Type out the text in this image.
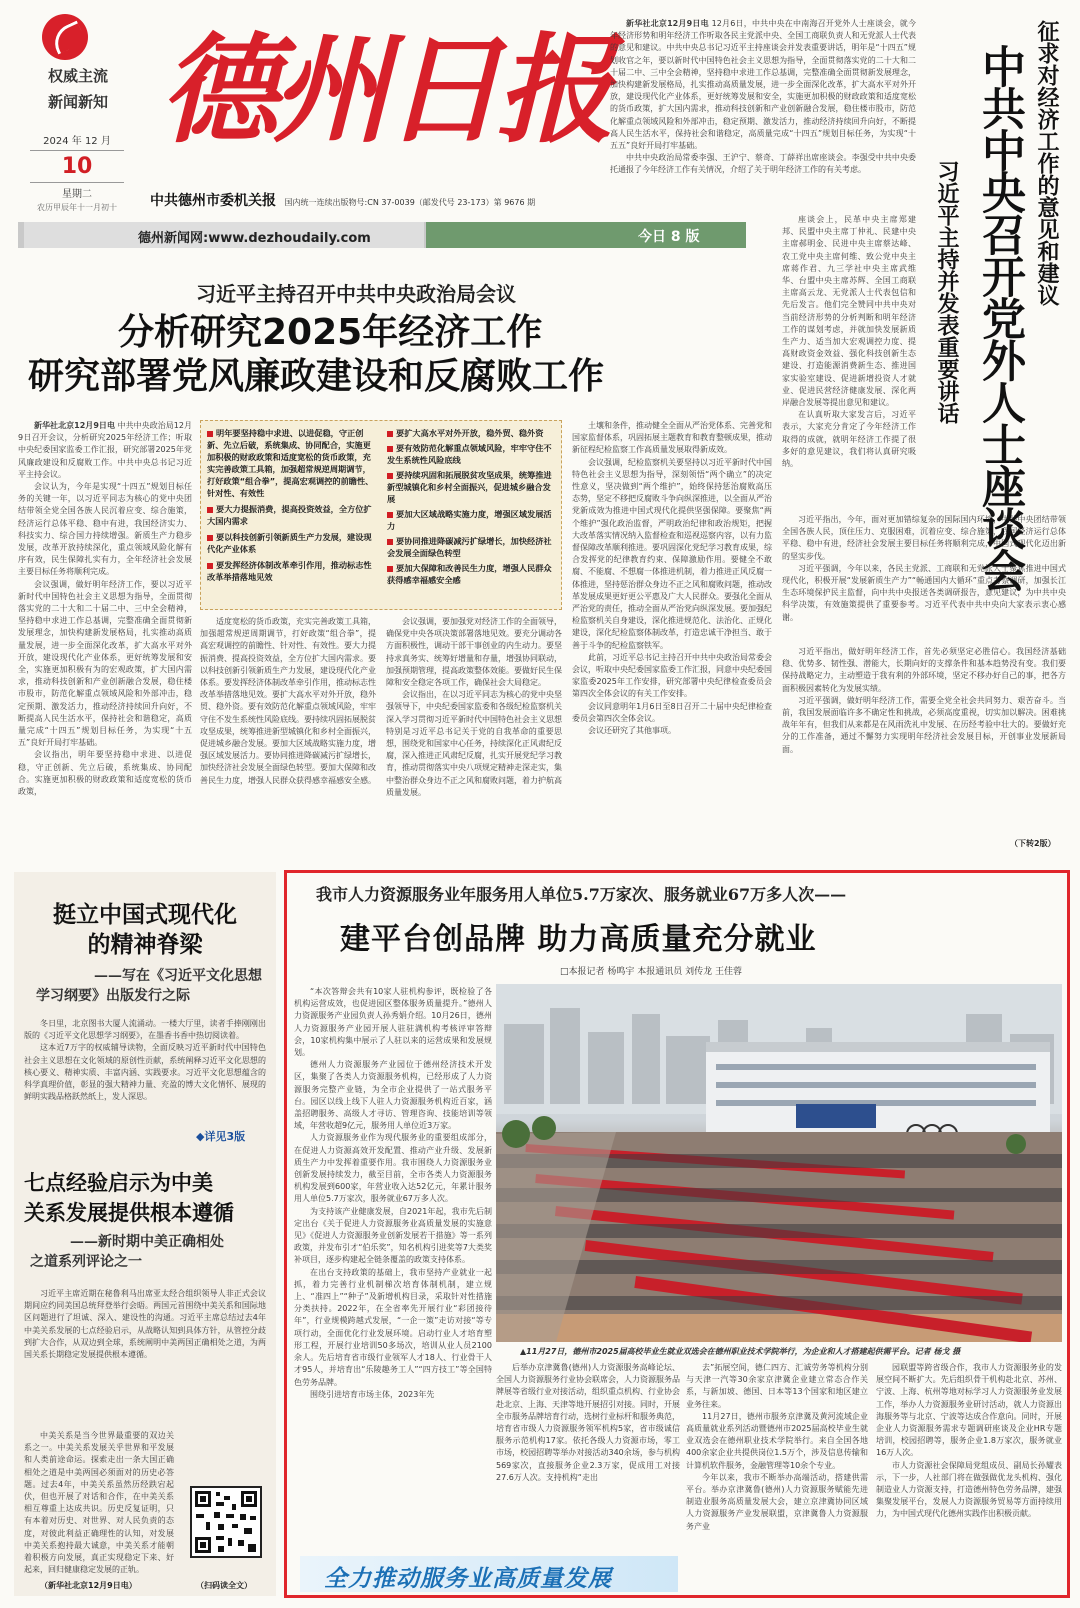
权威主流
新闻新知
2024 年 12 月
10
星期二
农历甲辰年十一月初十
德州日报
中共德州市委机关报 国内统一连续出版物号:CN 37-0039（邮发代号 23-173）第 9676 期
德州新闻网:www.dezhoudaily.com	今日 8 版

新华社北京12月9日电 12月6日，中共中央在中南海召开党外人士座谈会，就今年经济形势和明年经济工作听取各民主党派中央、全国工商联负责人和无党派人士代表的意见和建议。中共中央总书记习近平主持座谈会并发表重要讲话，明年是“十四五”规划收官之年，要以新时代中国特色社会主义思想为指导，全面贯彻落实党的二十大和二十届二中、三中全会精神，坚持稳中求进工作总基调，完整准确全面贯彻新发展理念，加快构建新发展格局，扎实推动高质量发展，进一步全面深化改革，扩大高水平对外开放，建设现代化产业体系，更好统筹发展和安全，实施更加积极的财政政策和适度宽松的货币政策，扩大国内需求，推动科技创新和产业创新融合发展，稳住楼市股市，防范化解重点领域风险和外部冲击，稳定预期、激发活力，推动经济持续回升向好，不断提高人民生活水平，保持社会和谐稳定，高质量完成“十四五”规划目标任务，为实现“十五五”良好开局打牢基础。

中共中央政治局常委李强、王沪宁、蔡奇、丁薛祥出席座谈会。李强受中共中央委托通报了今年经济工作有关情况，介绍了关于明年经济工作的有关考虑。

座谈会上，民革中央主席郑建邦、民盟中央主席丁仲礼、民建中央主席郝明金、民进中央主席蔡达峰、农工党中央主席何维、致公党中央主席蒋作君、九三学社中央主席武维华、台盟中央主席苏辉、全国工商联主席高云龙、无党派人士代表包信和先后发言。他们完全赞同中共中央对当前经济形势的分析判断和明年经济工作的谋划考虑，并就加快发展新质生产力、适当加大宏观调控力度、提高财政资金效益、强化科技创新生态建设、打造能源消费新生态、推进国家实验室建设、促进新增投资人才就业、促进民营经济健康发展、深化两岸融合发展等提出意见和建议。

在认真听取大家发言后，习近平表示，大家充分肯定了今年经济工作取得的成就，就明年经济工作提了很多好的意见建议，我们将认真研究吸纳。

习近平指出，今年，面对更加错综复杂的国际国内环境，中共中央团结带领全国各族人民，顶住压力、克服困难，沉着应变、综合施策，我国经济运行总体平稳、稳中有进，经济社会发展主要目标任务将顺利完成，中国式现代化迈出新的坚实步伐。

习近平强调，今年以来，各民主党派、工商联和无党派人士聚焦推进中国式现代化，积极开展“发展新质生产力”“畅通国内大循环”重点考察调研，加强长江生态环境保护民主监督，向中共中央报送各类调研报告，意见建议，为中共中央科学决策，有效施策提供了重要参考。习近平代表中共中央向大家表示衷心感谢。

习近平指出，做好明年经济工作，首先必须坚定必胜信心。我国经济基础稳、优势多、韧性强、潜能大，长期向好的支撑条件和基本趋势没有变。我们要保持战略定力，主动塑造于我有利的外部环境，坚定不移办好自己的事，把各方面积极因素转化为发展实绩。

习近平强调，做好明年经济工作，需要全党全社会共同努力、艰苦奋斗。当前，我国发展面临许多不确定性和挑战，必须高度重视，切实加以解决。困难挑战年年有，但我们从来都是在风雨洗礼中发展、在历经考验中壮大的。要做好充分的工作准备，通过不懈努力实现明年经济社会发展目标，开创事业发展新局面。

（下转2版）
征求对经济工作的意见和建议
中共中央召开党外人士座谈会
习近平主持并发表重要讲话
习近平主持召开中共中央政治局会议
分析研究2025年经济工作
研究部署党风廉政建设和反腐败工作

新华社北京12月9日电 中共中央政治局12月9日召开会议，分析研究2025年经济工作；听取中央纪委国家监委工作汇报，研究部署2025年党风廉政建设和反腐败工作。中共中央总书记习近平主持会议。

会议认为，今年是实现“十四五”规划目标任务的关键一年，以习近平同志为核心的党中央团结带领全党全国各族人民沉着应变、综合施策，经济运行总体平稳、稳中有进，我国经济实力、科技实力、综合国力持续增强。新质生产力稳步发展，改革开放持续深化，重点领域风险化解有序有效，民生保障扎实有力，全年经济社会发展主要目标任务将顺利完成。

会议强调，做好明年经济工作，要以习近平新时代中国特色社会主义思想为指导，全面贯彻落实党的二十大和二十届二中、三中全会精神，坚持稳中求进工作总基调，完整准确全面贯彻新发展理念，加快构建新发展格局，扎实推动高质量发展，进一步全面深化改革，扩大高水平对外开放，建设现代化产业体系，更好统筹发展和安全，实施更加积极有为的宏观政策，扩大国内需求，推动科技创新和产业创新融合发展，稳住楼市股市，防范化解重点领域风险和外部冲击，稳定预期、激发活力，推动经济持续回升向好，不断提高人民生活水平，保持社会和谐稳定，高质量完成“十四五”规划目标任务，为实现“十五五”良好开局打牢基础。

会议指出，明年要坚持稳中求进、以进促稳，守正创新、先立后破，系统集成、协同配合。实施更加积极的财政政策和适度宽松的货币政策，

明年要坚持稳中求进、以进促稳，守正创新、先立后破，系统集成、协同配合，实施更加积极的财政政策和适度宽松的货币政策，充实完善政策工具箱，加强超常规逆周期调节，打好政策“组合拳”，提高宏观调控的前瞻性、针对性、有效性
要大力提振消费，提高投资效益，全方位扩大国内需求
要以科技创新引领新质生产力发展，建设现代化产业体系
要发挥经济体制改革牵引作用，推动标志性改革举措落地见效
要扩大高水平对外开放，稳外贸、稳外资
要有效防范化解重点领域风险，牢牢守住不发生系统性风险底线
要持续巩固和拓展脱贫攻坚成果，统筹推进新型城镇化和乡村全面振兴，促进城乡融合发展
要加大区域战略实施力度，增强区域发展活力
要协同推进降碳减污扩绿增长，加快经济社会发展全面绿色转型
要加大保障和改善民生力度，增强人民群众获得感幸福感安全感

适度宽松的货币政策，充实完善政策工具箱，加强超常规逆周期调节，打好政策“组合拳”，提高宏观调控的前瞻性、针对性、有效性。要大力提振消费、提高投资效益，全方位扩大国内需求。要以科技创新引领新质生产力发展，建设现代化产业体系。要发挥经济体制改革牵引作用，推动标志性改革举措落地见效。要扩大高水平对外开放，稳外贸、稳外资。要有效防范化解重点领域风险，牢牢守住不发生系统性风险底线。要持续巩固拓展脱贫攻坚成果，统筹推进新型城镇化和乡村全面振兴，促进城乡融合发展。要加大区域战略实施力度，增强区域发展活力。要协同推进降碳减污扩绿增长，加快经济社会发展全面绿色转型。要加大保障和改善民生力度，增强人民群众获得感幸福感安全感。

会议强调，要加强党对经济工作的全面领导，确保党中央各项决策部署落地见效。要充分调动各方面积极性，调动干部干事创业的内生动力。要坚持求真务实、统筹好增量和存量，增强协同联动，加强预期管理，提高政策整体效能。要做好民生保障和安全稳定各项工作，确保社会大局稳定。

会议指出，在以习近平同志为核心的党中央坚强领导下，中央纪委国家监委和各级纪检监察机关深入学习贯彻习近平新时代中国特色社会主义思想特别是习近平总书记关于党的自我革命的重要思想，围绕党和国家中心任务，持续深化正风肃纪反腐，深入推进正风肃纪反腐，扎实开展党纪学习教育，推动贯彻落实中央八项规定精神走深走实，集中整治群众身边不正之风和腐败问题，着力护航高质量发展。

土壤和条件，推动健全全面从严治党体系、完善党和国家监督体系，巩固拓展主题教育和教育整顿成果，推动新征程纪检监察工作高质量发展取得新成效。

会议强调，纪检监察机关要坚持以习近平新时代中国特色社会主义思想为指导，深刻领悟“两个确立”的决定性意义，坚决做到“两个维护”，始终保持惩治腐败高压态势，坚定不移把反腐败斗争向纵深推进，以全面从严治党新成效为推进中国式现代化提供坚强保障。要聚焦“两个维护”强化政治监督，严明政治纪律和政治规矩，把握大改革落实情况纳入监督检查和巡视巡察内容，以有力监督保障改革顺利推进。要巩固深化党纪学习教育成果，综合发挥党的纪律教育约束、保障激励作用。要健全不敢腐、不能腐、不想腐一体推进机制，着力推进正风反腐一体推进，坚持惩治群众身边不正之风和腐败问题，推动改革发展成果更好更公平惠及广大人民群众。要强化全面从严治党的责任，推动全面从严治党向纵深发展。要加强纪检监察机关自身建设，深化推进规范化、法治化、正规化建设，深化纪检监察体制改革，打造忠诚干净担当、敢于善于斗争的纪检监察铁军。

此前，习近平总书记主持召开中共中央政治局常委会会议，听取中央纪委国家监委工作汇报，同意中央纪委国家监委2025年工作安排，研究部署中央纪律检查委员会第四次全体会议的有关工作安排。

会议同意明年1月6日至8日召开二十届中央纪律检查委员会第四次全体会议。

会议还研究了其他事项。

挺立中国式现代化
的精神脊梁
——写在《习近平文化思想
学习纲要》出版发行之际

冬日里，北京图书大厦人流涌动。一楼大厅里，读者手捧刚刚出版的《习近平文化思想学习纲要》，在墨香书香中热切阅读着。

这本近7万字的权威辅导读物，全面反映习近平新时代中国特色社会主义思想在文化领域的原创性贡献，系统阐释习近平文化思想的核心要义、精神实质、丰富内涵、实践要求。习近平文化思想蕴含的科学真理价值，彰显的强大精神力量、充盈的博大文化情怀、展现的鲜明实践品格跃然纸上，发人深思。

◆详见3版
七点经验启示为中美
关系发展提供根本遵循
——新时期中美正确相处
之道系列评论之一

习近平主席近期在秘鲁利马出席亚太经合组织领导人非正式会议期间应约同美国总统拜登举行会晤。两国元首围绕中美关系和国际地区问题进行了坦诚、深入、建设性的沟通。习近平主席总结过去4年中美关系发展的七点经验启示，从战略认知到具体方针，从管控分歧到扩大合作，从双边到全球，系统阐明中美两国正确相处之道，为两国关系长期稳定发展提供根本遵循。

中美关系是当今世界最重要的双边关系之一。中美关系发展关乎世界和平发展和人类前途命运。探索走出一条大国正确相处之道是中美两国必须面对的历史必答题。过去4年，中美关系虽然历经跌宕起伏，但也开展了对话和合作，在中美关系相互尊重上达成共识。历史反复证明，只有本着对历史、对世界、对人民负责的态度，对彼此利益正确理性的认知，对发展中美关系抱持最大诚意，中美关系才能朝着积极方向发展，真正实现稳定下来、好起来，回归健康稳定发展的正轨。

（新华社北京12月9日电）	（扫码读全文）
我市人力资源服务业年服务用人单位5.7万家次、服务就业67万多人次——
建平台创品牌 助力高质量充分就业
□本报记者 杨鸣宇 本报通讯员 刘传龙 王佳蓉

“本次答辩会共有10家人驻机构参评，既检验了各机构运营成效，也促进园区整体服务质量提升。”德州人力资源服务产业园负责人孙秀娟介绍。10月26日，德州人力资源服务产业园开展人驻驻满机构考核评审答辩会，10家机构集中展示了人驻以来的运营成果和发展规划。

德州人力资源服务产业园位于德州经济技术开发区，集聚了各类人力资源服务机构，已经形成了人力资源服务完整产业链，为全市企业提供了一站式服务平台。园区以线上线下人驻人力资源服务机构近百家，涵盖招聘服务、高级人才寻访、管理咨询、技能培训等领域，年营收超9亿元，服务用人单位近3万家。

人力资源服务业作为现代服务业的重要组成部分，在促进人力资源高效开发配置、推动产业升级、发展新质生产力中发挥着重要作用。我市围绕人力资源服务业创新发展持续发力，截至目前，全市各类人力资源服务机构发展到600家，年营业收入达52亿元，年累计服务用人单位5.7万家次，服务就业67万多人次。

为支持该产业健康发展，自2021年起，我市先后制定出台《关于促进人力资源服务业高质量发展的实施意见》《促进人力资源服务业创新发展若干措施》等一系列政策，并发布引才“伯乐奖”，知名机构引进奖等7大类奖补项目，逐步构建起全链条覆盖的政策支持体系。

在出台支持政策的基础上，我市坚持产业就业一起抓，着力完善行业机制梯次培育体制机制，建立规上、“准四上”“种子”及新增机构目录，采取针对性措施分类扶持。2022年，在全省率先开展行业“彩团接待年”，行业规模跨越式发展，“一企一策”走访对接“等专项行动，全面优化行业发展环境。启动行业人才培育塑形工程，开展行业培训50多场次，培训从业人员2100余人。先后培育省市级行业领军人才18人、行业骨干人才95人，并培育出“乐陵趣务工人”“四方技工”等全国特色劳务品牌。

围绕引进培育市场主体，2023年先

▲11月27日，德州市2025届高校毕业生就业双选会在德州职业技术学院举行，为企业和人才搭建起供需平台。记者 杨戈 摄

后举办京津冀鲁(德州)人力资源服务高峰论坛、全国人力资源服务行业协会联席会，人力资源服务品牌展等省级行业对接活动，组织重点机构、行业协会赴北京、上海、天津等地开展招引对接。同时，开展全市服务品牌培育行动，选树行业标杆和服务典范，培育省市级人力资源服务领军机构5家，省市级诚信服务示范机构17家。依托各级人力资源市场，零工市场，校园招聘等举办对接活动340余场，参与机构569家次，直接服务企业2.3万家，促成用工对接27.6万人次。支持机构“走出

去”拓展空间，德仁四方、汇诚劳务等机构分别与天津一汽等30余家京津冀企业建立常态合作关系，与新加坡、德国、日本等13个国家和地区建立业务往来。

11月27日，德州市服务京津冀及黄河流域企业高质量就业系列活动暨德州市2025届高校毕业生就业双选会在德州职业技术学院举行。来自全国各地400余家企业共提供岗位1.5万个，涉及信息传输和计算机软件服务，金融管理等10余个专业。

今年以来，我市不断举办高端活动，搭建供需平台。举办京津冀鲁(德州)人力资源服务赋能先进制造业服务高质量发展大会，建立京津冀协同区域人力资源服务产业发展联盟，京津冀鲁人力资源服务产业

园联盟等跨省级合作，我市人力资源服务业的发展空间不断扩大。先后组织骨干机构赴北京、苏州、宁波、上海、杭州等地对标学习人力资源服务业发展工作，举办人力资源服务业研讨活动，就人力资源出海服务等与北京、宁波等达成合作意向。同时，开展企业人力资源服务需求专题调研座谈及企业HR专题培训，校园招聘等，服务企业1.8万家次，服务就业16万人次。

市人力资源社会保障局党组成员、副局长孙耀表示，下一步，人社部门将在做强做优龙头机构、强化制造业人力资源支持，打造德州特色劳务品牌，建强集聚发展平台，发展人力资源服务贸易等方面持续用力，为中国式现代化德州实践作出积极贡献。

全力推动服务业高质量发展
